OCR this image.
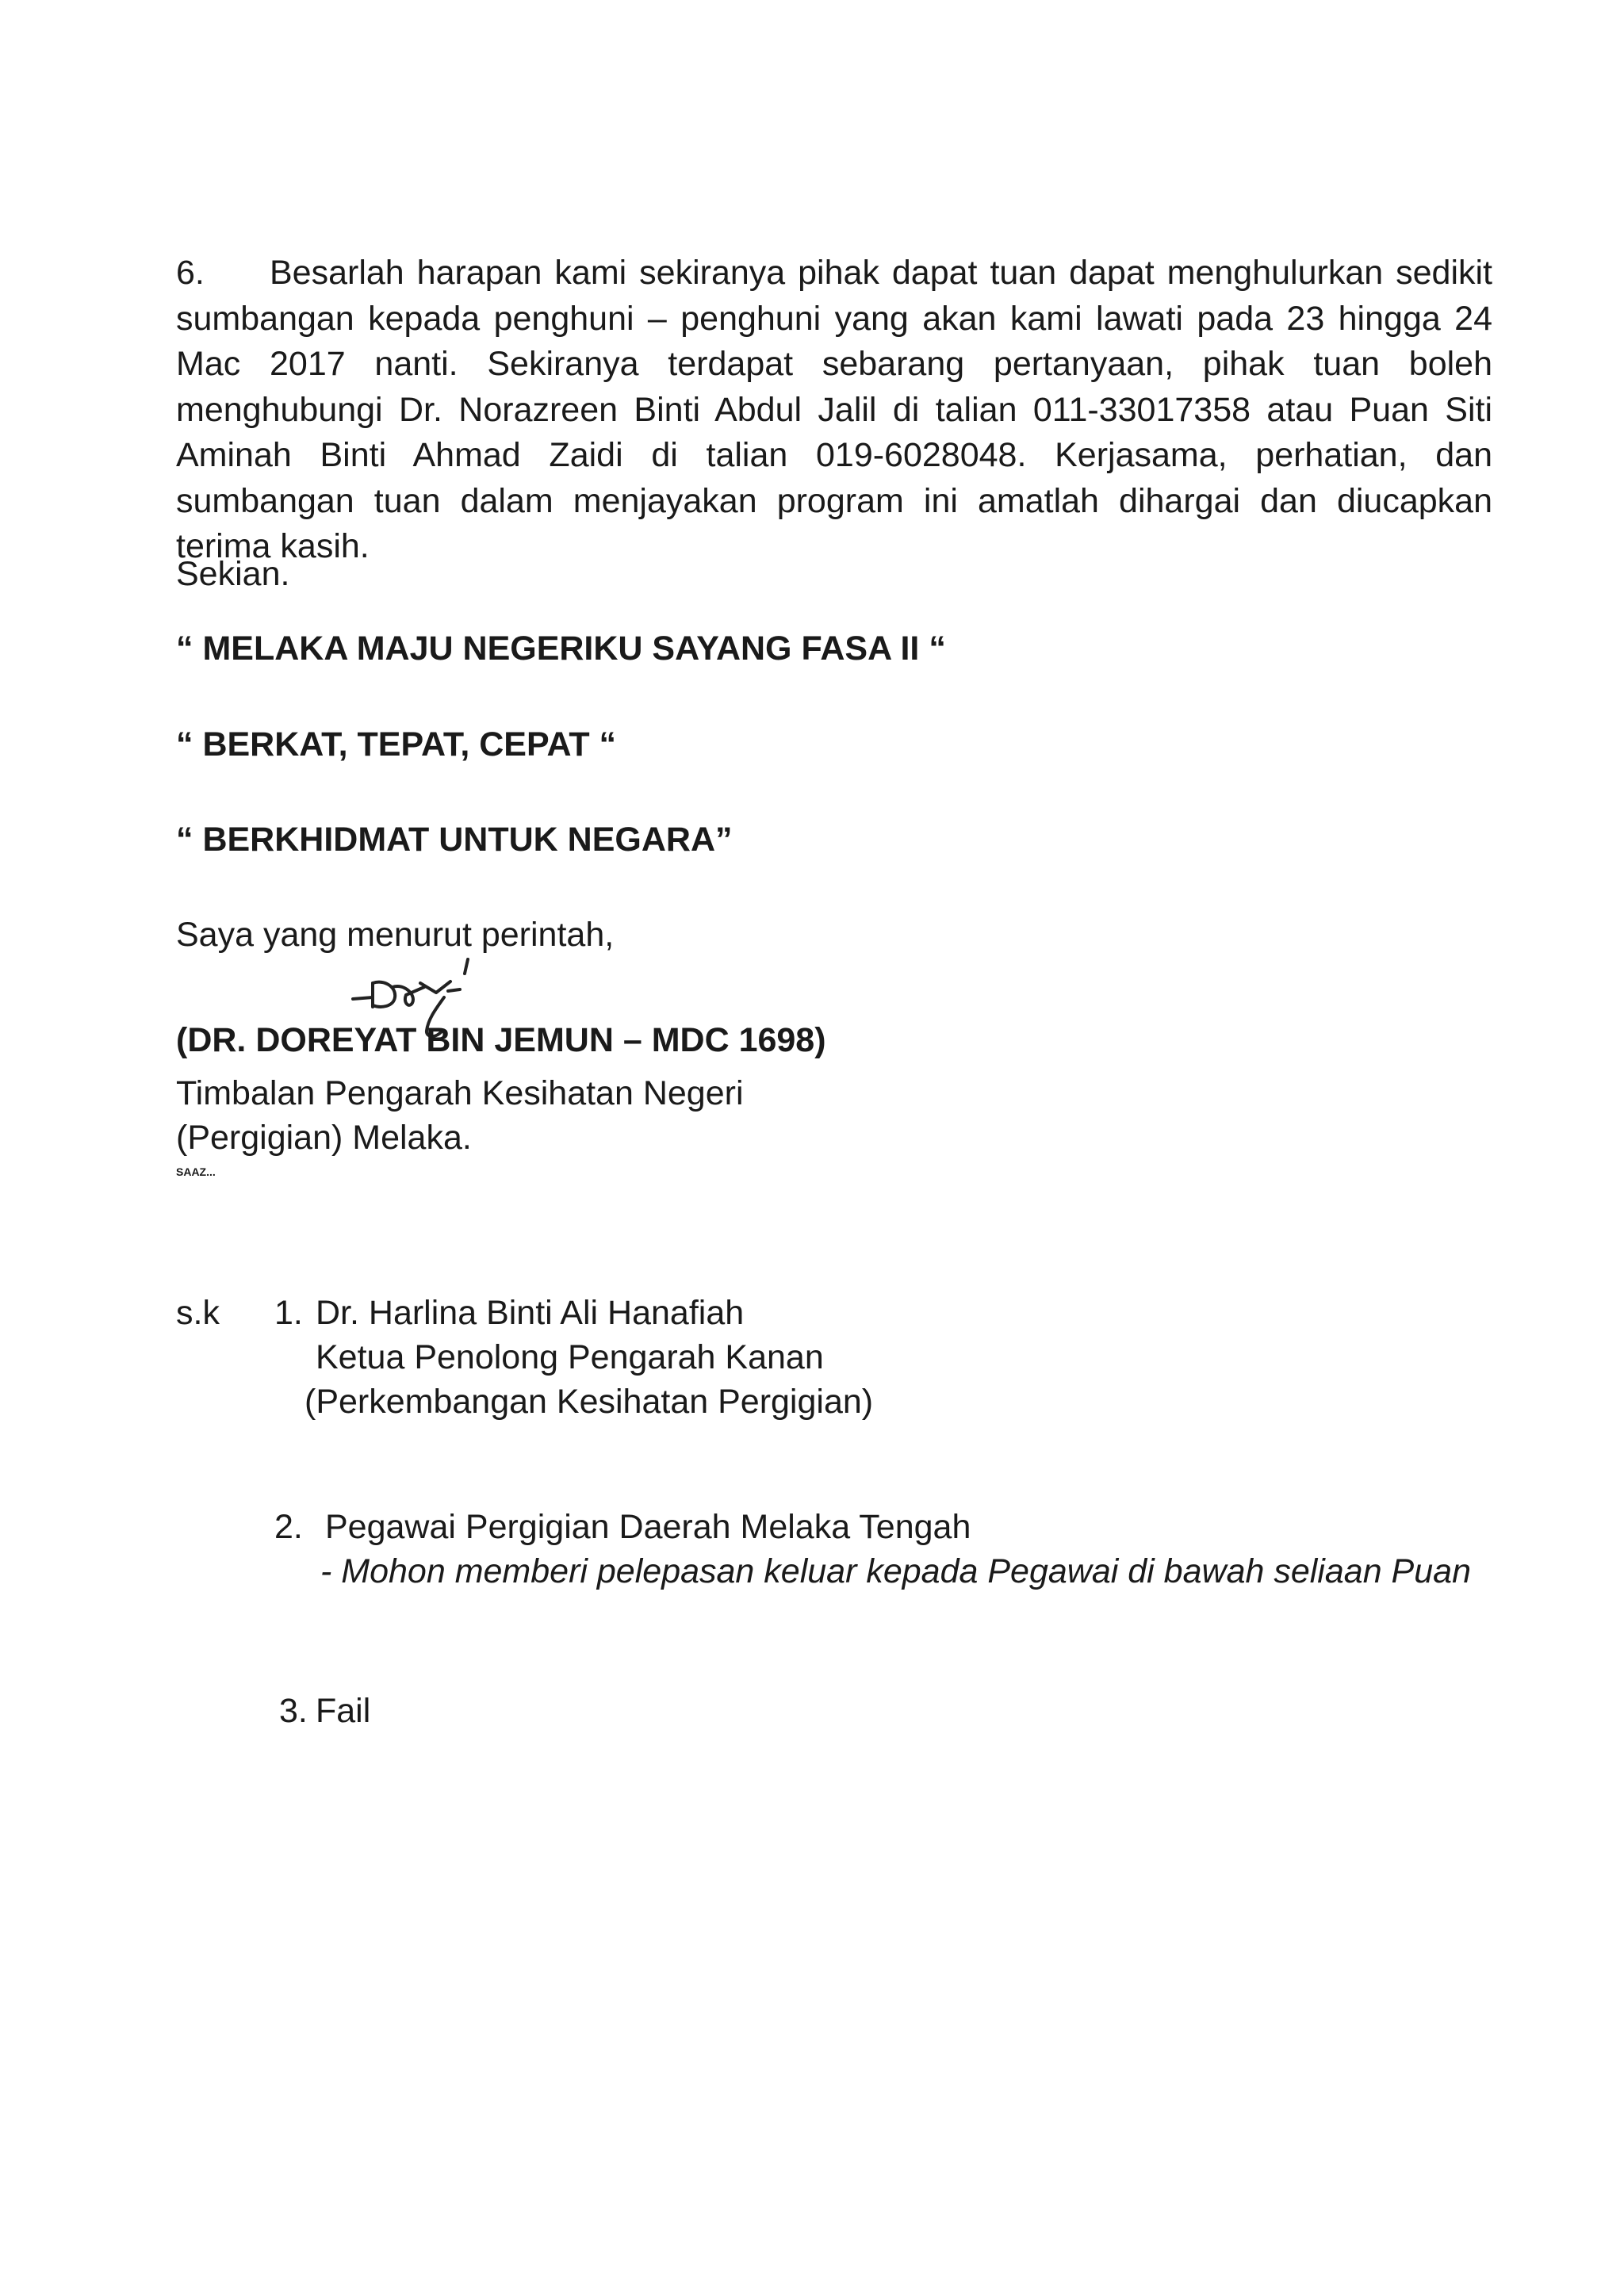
6. Besarlah harapan kami sekiranya pihak dapat tuan dapat menghulurkan sedikit sumbangan kepada penghuni – penghuni yang akan kami lawati pada 23 hingga 24 Mac 2017 nanti. Sekiranya terdapat sebarang pertanyaan, pihak tuan boleh menghubungi Dr. Norazreen Binti Abdul Jalil di talian 011-33017358 atau Puan Siti Aminah Binti Ahmad Zaidi di talian 019-6028048. Kerjasama, perhatian, dan sumbangan tuan dalam menjayakan program ini amatlah dihargai dan diucapkan terima kasih.
Sekian.
“ MELAKA MAJU NEGERIKU SAYANG FASA II “
“ BERKAT, TEPAT, CEPAT “
“ BERKHIDMAT UNTUK NEGARA”
Saya yang menurut perintah,
(DR. DOREYAT BIN JEMUN – MDC 1698)
Timbalan Pengarah Kesihatan Negeri
(Pergigian) Melaka.
SAAZ...
s.k 1. Dr. Harlina Binti Ali Hanafiah
Ketua Penolong Pengarah Kanan
(Perkembangan Kesihatan Pergigian)
2. Pegawai Pergigian Daerah Melaka Tengah
- Mohon memberi pelepasan keluar kepada Pegawai di bawah seliaan Puan
3. Fail
